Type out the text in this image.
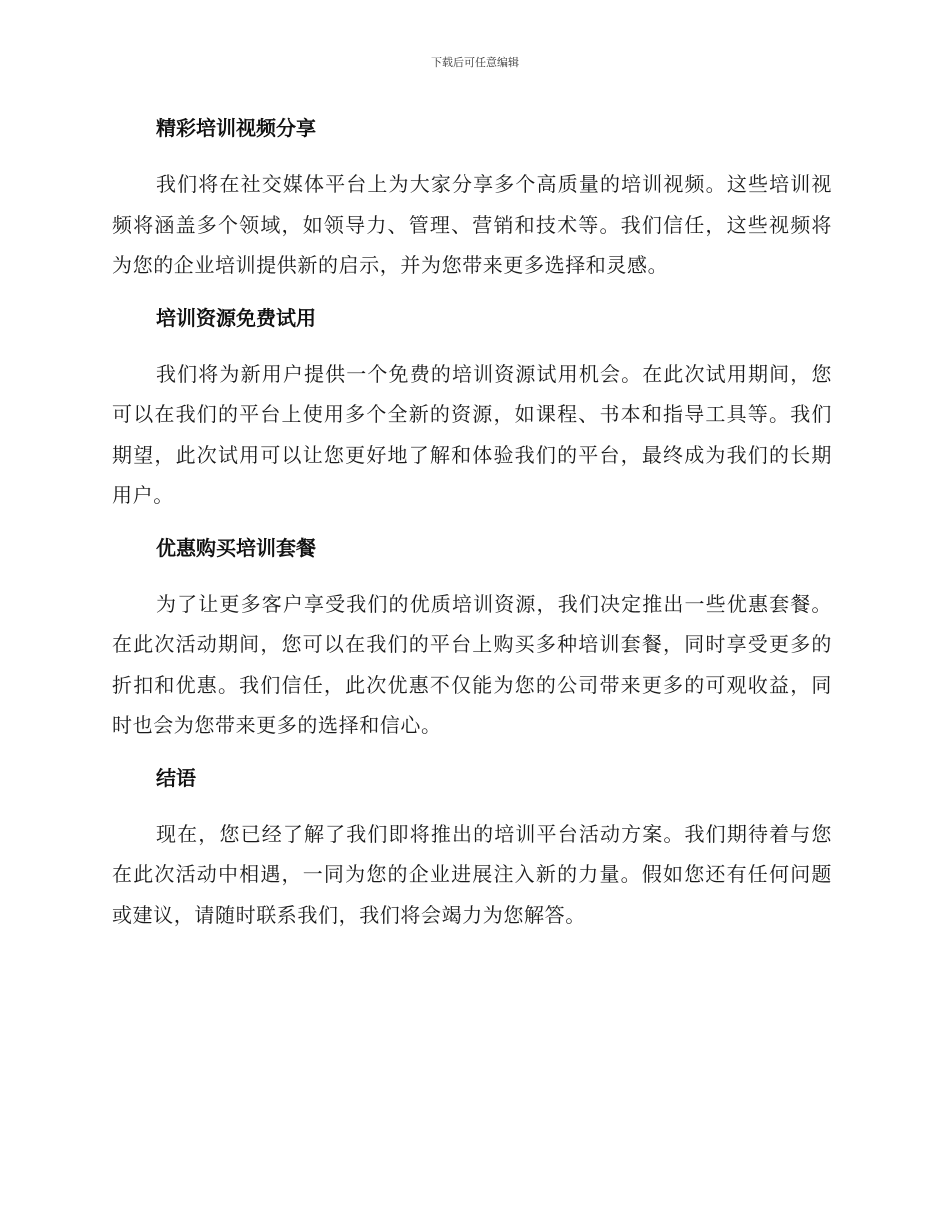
下载后可任意编辑
精彩培训视频分享

我们将在社交媒体平台上为大家分享多个高质量的培训视频。这些培训视频将涵盖多个领域，如领导力、管理、营销和技术等。我们信任，这些视频将为您的企业培训提供新的启示，并为您带来更多选择和灵感。

培训资源免费试用

我们将为新用户提供一个免费的培训资源试用机会。在此次试用期间，您可以在我们的平台上使用多个全新的资源，如课程、书本和指导工具等。我们期望，此次试用可以让您更好地了解和体验我们的平台，最终成为我们的长期用户。

优惠购买培训套餐

为了让更多客户享受我们的优质培训资源，我们决定推出一些优惠套餐。在此次活动期间，您可以在我们的平台上购买多种培训套餐，同时享受更多的折扣和优惠。我们信任，此次优惠不仅能为您的公司带来更多的可观收益，同时也会为您带来更多的选择和信心。

结语

现在，您已经了解了我们即将推出的培训平台活动方案。我们期待着与您在此次活动中相遇，一同为您的企业进展注入新的力量。假如您还有任何问题或建议，请随时联系我们，我们将会竭力为您解答。
